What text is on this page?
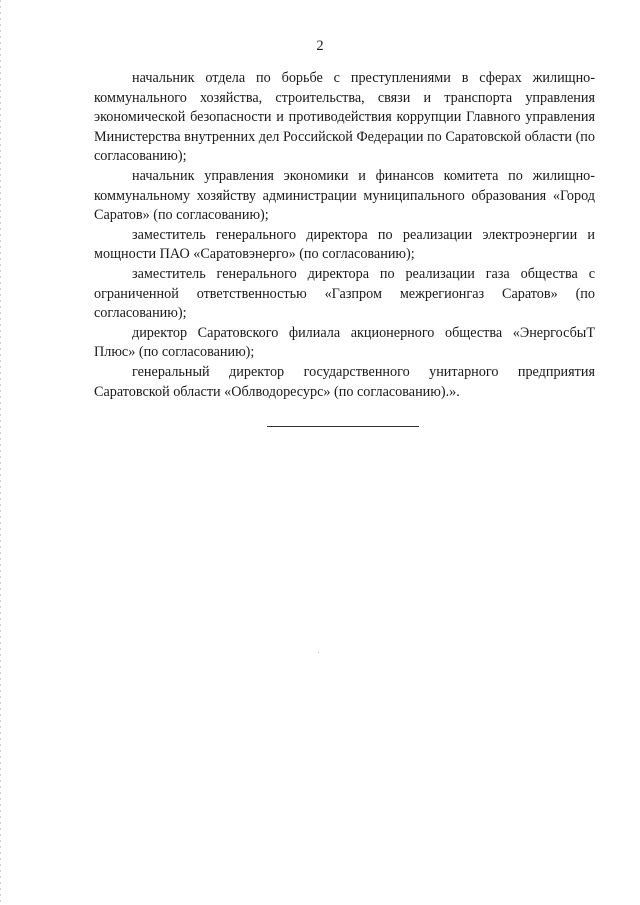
2

начальник отдела по борьбе с преступлениями в сферах жилищно-коммунального хозяйства, строительства, связи и транспорта управления экономической безопасности и противодействия коррупции Главного управления Министерства внутренних дел Российской Федерации по Саратовской области (по согласованию);

начальник управления экономики и финансов комитета по жилищно-коммунальному хозяйству администрации муниципального образования «Город Саратов» (по согласованию);

заместитель генерального директора по реализации электроэнергии и мощности ПАО «Саратовэнерго» (по согласованию);

заместитель генерального директора по реализации газа общества с ограниченной ответственностью «Газпром межрегионгаз Саратов» (по согласованию);

директор Саратовского филиала акционерного общества «ЭнергосбыТ Плюс» (по согласованию);

генеральный директор государственного унитарного предприятия Саратовской области «Облводоресурс» (по согласованию).».
